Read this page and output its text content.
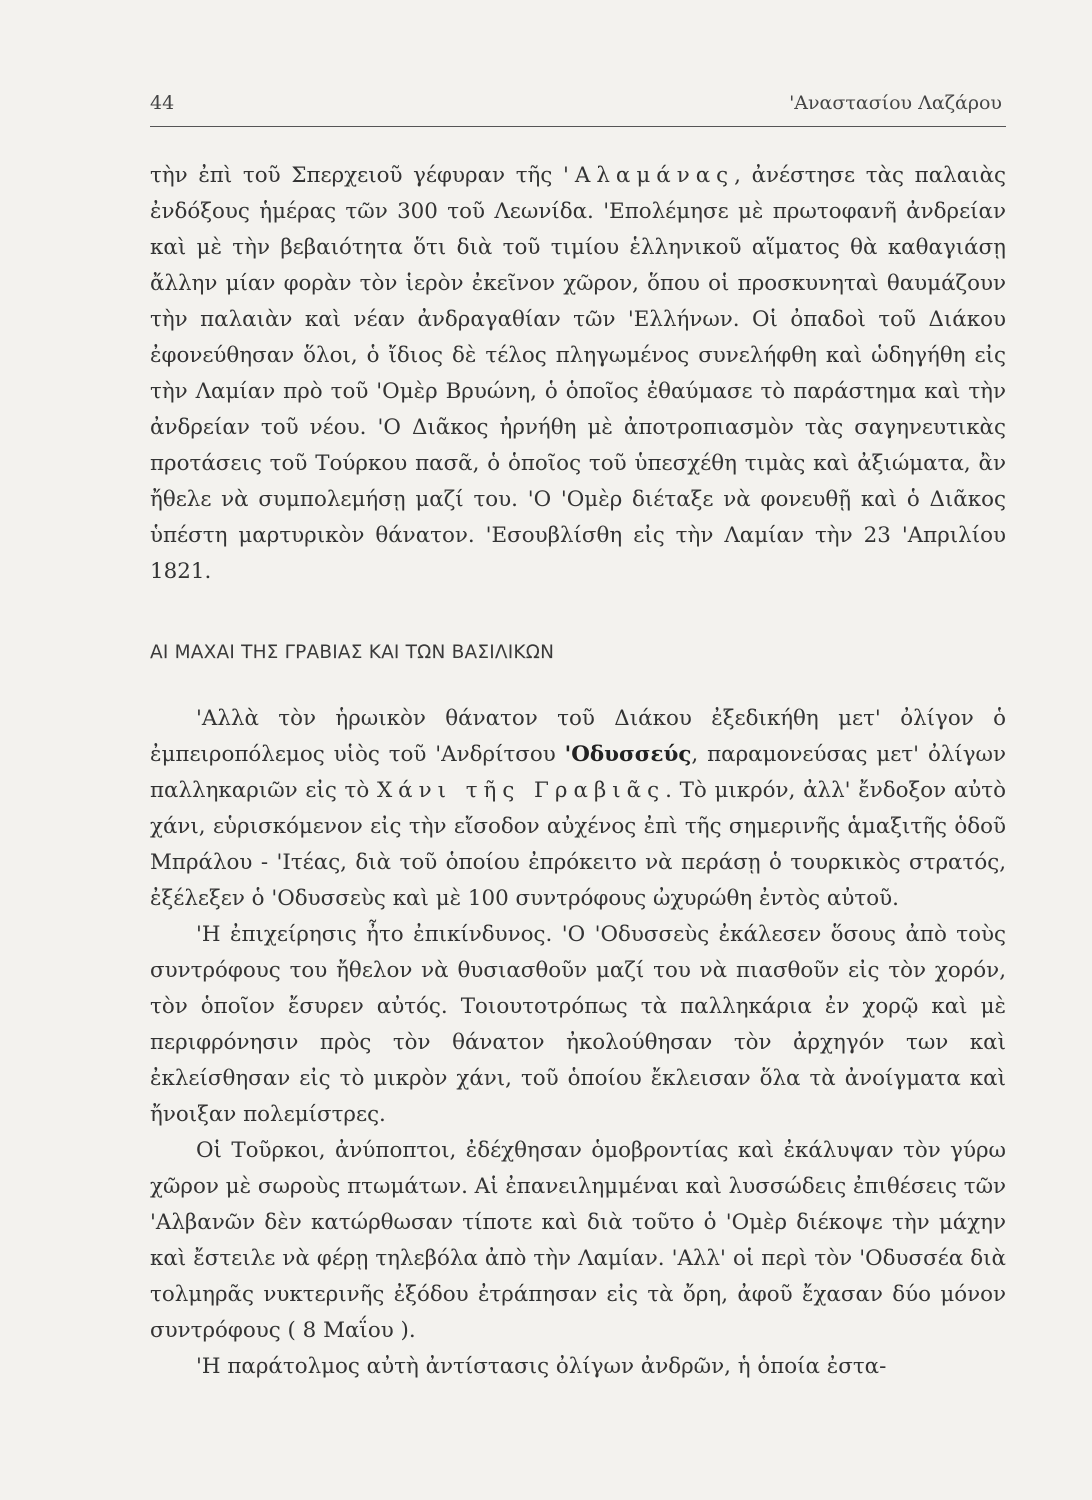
44	'Αναστασίου Λαζάρου

τὴν ἐπὶ τοῦ Σπερχειοῦ γέφυραν τῆς 'Αλαμάνας, ἀνέστησε τὰς παλαιὰς ἐνδόξους ἡμέρας τῶν 300 τοῦ Λεωνίδα. 'Επολέμησε μὲ πρωτοφανῆ ἀνδρείαν καὶ μὲ τὴν βεβαιότητα ὅτι διὰ τοῦ τιμίου ἑλληνικοῦ αἵματος θὰ καθαγιάσῃ ἄλλην μίαν φορὰν τὸν ἱερὸν ἐκεῖνον χῶρον, ὅπου οἱ προσκυνηταὶ θαυμάζουν τὴν παλαιὰν καὶ νέαν ἀνδραγαθίαν τῶν 'Ελλήνων. Οἱ ὀπαδοὶ τοῦ Διάκου ἐφονεύθησαν ὅλοι, ὁ ἴδιος δὲ τέλος πληγωμένος συνελήφθη καὶ ὡδηγήθη εἰς τὴν Λαμίαν πρὸ τοῦ 'Ομὲρ Βρυώνη, ὁ ὁποῖος ἐθαύμασε τὸ παράστημα καὶ τὴν ἀνδρείαν τοῦ νέου. 'Ο Διᾶκος ἠρνήθη μὲ ἀποτροπιασμὸν τὰς σαγηνευτικὰς προτάσεις τοῦ Τούρκου πασᾶ, ὁ ὁποῖος τοῦ ὑπεσχέθη τιμὰς καὶ ἀξιώματα, ἂν ἤθελε νὰ συμπολεμήσῃ μαζί του. 'Ο 'Ομὲρ διέταξε νὰ φονευθῇ καὶ ὁ Διᾶκος ὑπέστη μαρτυρικὸν θάνατον. 'Εσουβλίσθη εἰς τὴν Λαμίαν τὴν 23 'Απριλίου 1821.

ΑΙ ΜΑΧΑΙ ΤΗΣ ΓΡΑΒΙΑΣ ΚΑΙ ΤΩΝ ΒΑΣΙΛΙΚΩΝ

'Αλλὰ τὸν ἡρωικὸν θάνατον τοῦ Διάκου ἐξεδικήθη μετ' ὀλίγον ὁ ἐμπειροπόλεμος υἱὸς τοῦ 'Ανδρίτσου 'Οδυσσεύς, παραμονεύσας μετ' ὀλίγων παλληκαριῶν εἰς τὸ Χάνι τῆς Γραβιᾶς. Τὸ μικρόν, ἀλλ' ἔνδοξον αὐτὸ χάνι, εὑρισκόμενον εἰς τὴν εἴσοδον αὐχένος ἐπὶ τῆς σημερινῆς ἁμαξιτῆς ὁδοῦ Μπράλου - 'Ιτέας, διὰ τοῦ ὁποίου ἐπρόκειτο νὰ περάσῃ ὁ τουρκικὸς στρατός, ἐξέλεξεν ὁ 'Οδυσσεὺς καὶ μὲ 100 συντρόφους ὠχυρώθη ἐντὸς αὐτοῦ.

'Η ἐπιχείρησις ἦτο ἐπικίνδυνος. 'Ο 'Οδυσσεὺς ἐκάλεσεν ὅσους ἀπὸ τοὺς συντρόφους του ἤθελον νὰ θυσιασθοῦν μαζί του νὰ πιασθοῦν εἰς τὸν χορόν, τὸν ὁποῖον ἔσυρεν αὐτός. Τοιουτοτρόπως τὰ παλληκάρια ἐν χορῷ καὶ μὲ περιφρόνησιν πρὸς τὸν θάνατον ἠκολούθησαν τὸν ἀρχηγόν των καὶ ἐκλείσθησαν εἰς τὸ μικρὸν χάνι, τοῦ ὁποίου ἔκλεισαν ὅλα τὰ ἀνοίγματα καὶ ἤνοιξαν πολεμίστρες.

Οἱ Τοῦρκοι, ἀνύποπτοι, ἐδέχθησαν ὁμοβροντίας καὶ ἐκάλυψαν τὸν γύρω χῶρον μὲ σωροὺς πτωμάτων. Αἱ ἐπανειλημμέναι καὶ λυσσώδεις ἐπιθέσεις τῶν 'Αλβανῶν δὲν κατώρθωσαν τίποτε καὶ διὰ τοῦτο ὁ 'Ομὲρ διέκοψε τὴν μάχην καὶ ἔστειλε νὰ φέρῃ τηλεβόλα ἀπὸ τὴν Λαμίαν. 'Αλλ' οἱ περὶ τὸν 'Οδυσσέα διὰ τολμηρᾶς νυκτερινῆς ἐξόδου ἐτράπησαν εἰς τὰ ὄρη, ἀφοῦ ἔχασαν δύο μόνον συντρόφους ( 8 Μαΐου ).

'Η παράτολμος αὐτὴ ἀντίστασις ὀλίγων ἀνδρῶν, ἡ ὁποία ἐστα-
